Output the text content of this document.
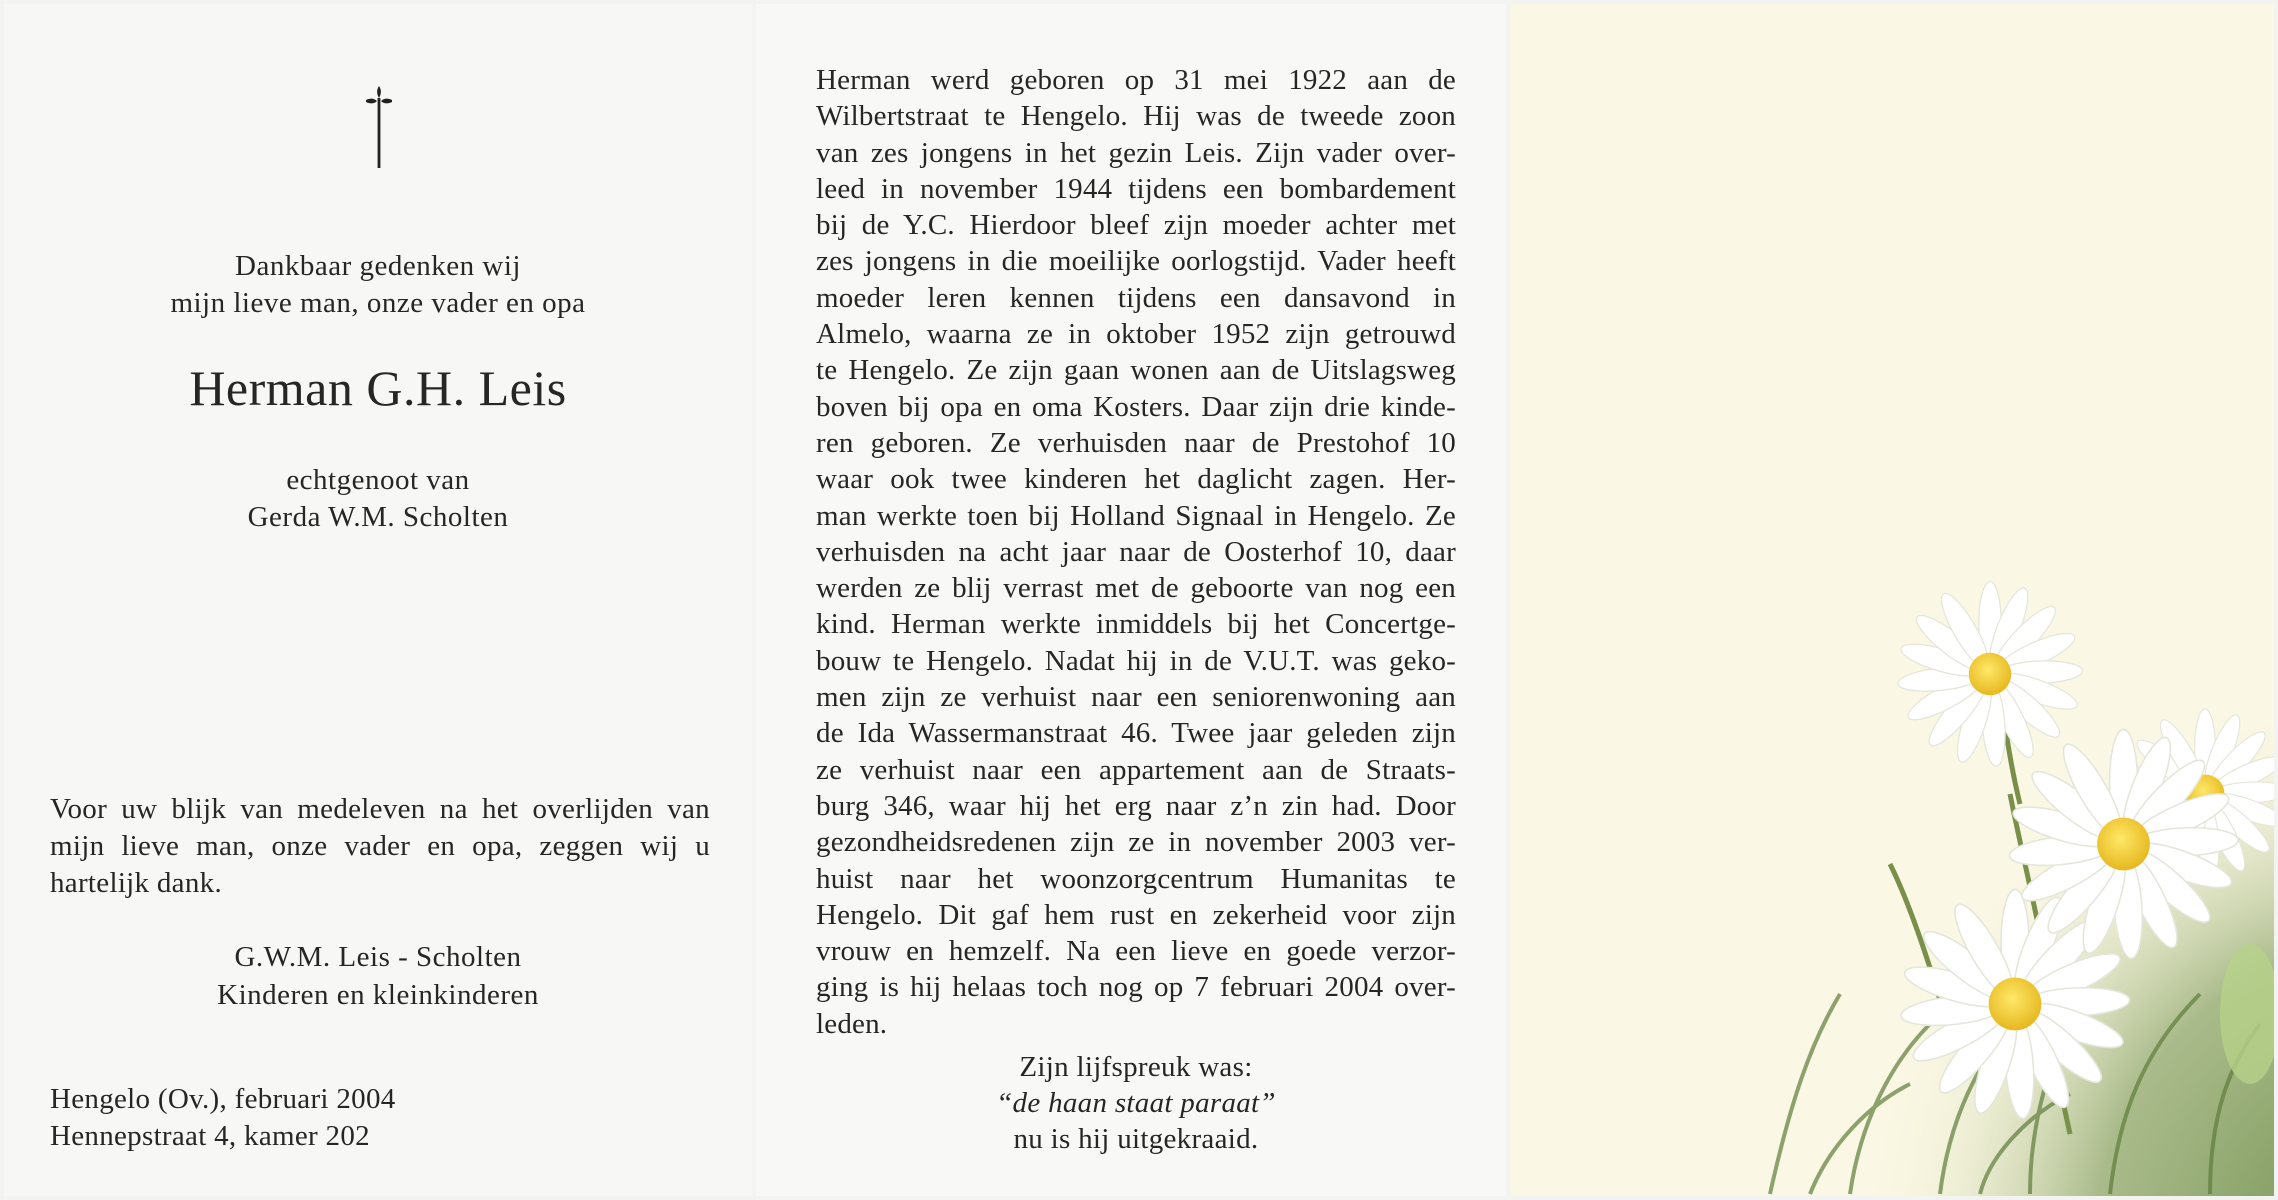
Dankbaar gedenken wij
mijn lieve man, onze vader en opa
Herman G.H. Leis
echtgenoot van
Gerda W.M. Scholten
Voor uw blijk van medeleven na het overlijden van mijn lieve man, onze vader en opa, zeggen wij u hartelijk dank.
G.W.M. Leis - Scholten
Kinderen en kleinkinderen
Hengelo (Ov.), februari 2004
Hennepstraat 4, kamer 202
Herman werd geboren op 31 mei 1922 aan de
Wilbertstraat te Hengelo. Hij was de tweede zoon
van zes jongens in het gezin Leis. Zijn vader over-
leed in november 1944 tijdens een bombardement
bij de Y.C. Hierdoor bleef zijn moeder achter met
zes jongens in die moeilijke oorlogstijd. Vader heeft
moeder leren kennen tijdens een dansavond in
Almelo, waarna ze in oktober 1952 zijn getrouwd
te Hengelo. Ze zijn gaan wonen aan de Uitslagsweg
boven bij opa en oma Kosters. Daar zijn drie kinde-
ren geboren. Ze verhuisden naar de Prestohof 10
waar ook twee kinderen het daglicht zagen. Her-
man werkte toen bij Holland Signaal in Hengelo. Ze
verhuisden na acht jaar naar de Oosterhof 10, daar
werden ze blij verrast met de geboorte van nog een
kind. Herman werkte inmiddels bij het Concertge-
bouw te Hengelo. Nadat hij in de V.U.T. was geko-
men zijn ze verhuist naar een seniorenwoning aan
de Ida Wassermanstraat 46. Twee jaar geleden zijn
ze verhuist naar een appartement aan de Straats-
burg 346, waar hij het erg naar z’n zin had. Door
gezondheidsredenen zijn ze in november 2003 ver-
huist naar het woonzorgcentrum Humanitas te
Hengelo. Dit gaf hem rust en zekerheid voor zijn
vrouw en hemzelf. Na een lieve en goede verzor-
ging is hij helaas toch nog op 7 februari 2004 over-
leden.
Zijn lijfspreuk was:
“de haan staat paraat”
nu is hij uitgekraaid.
